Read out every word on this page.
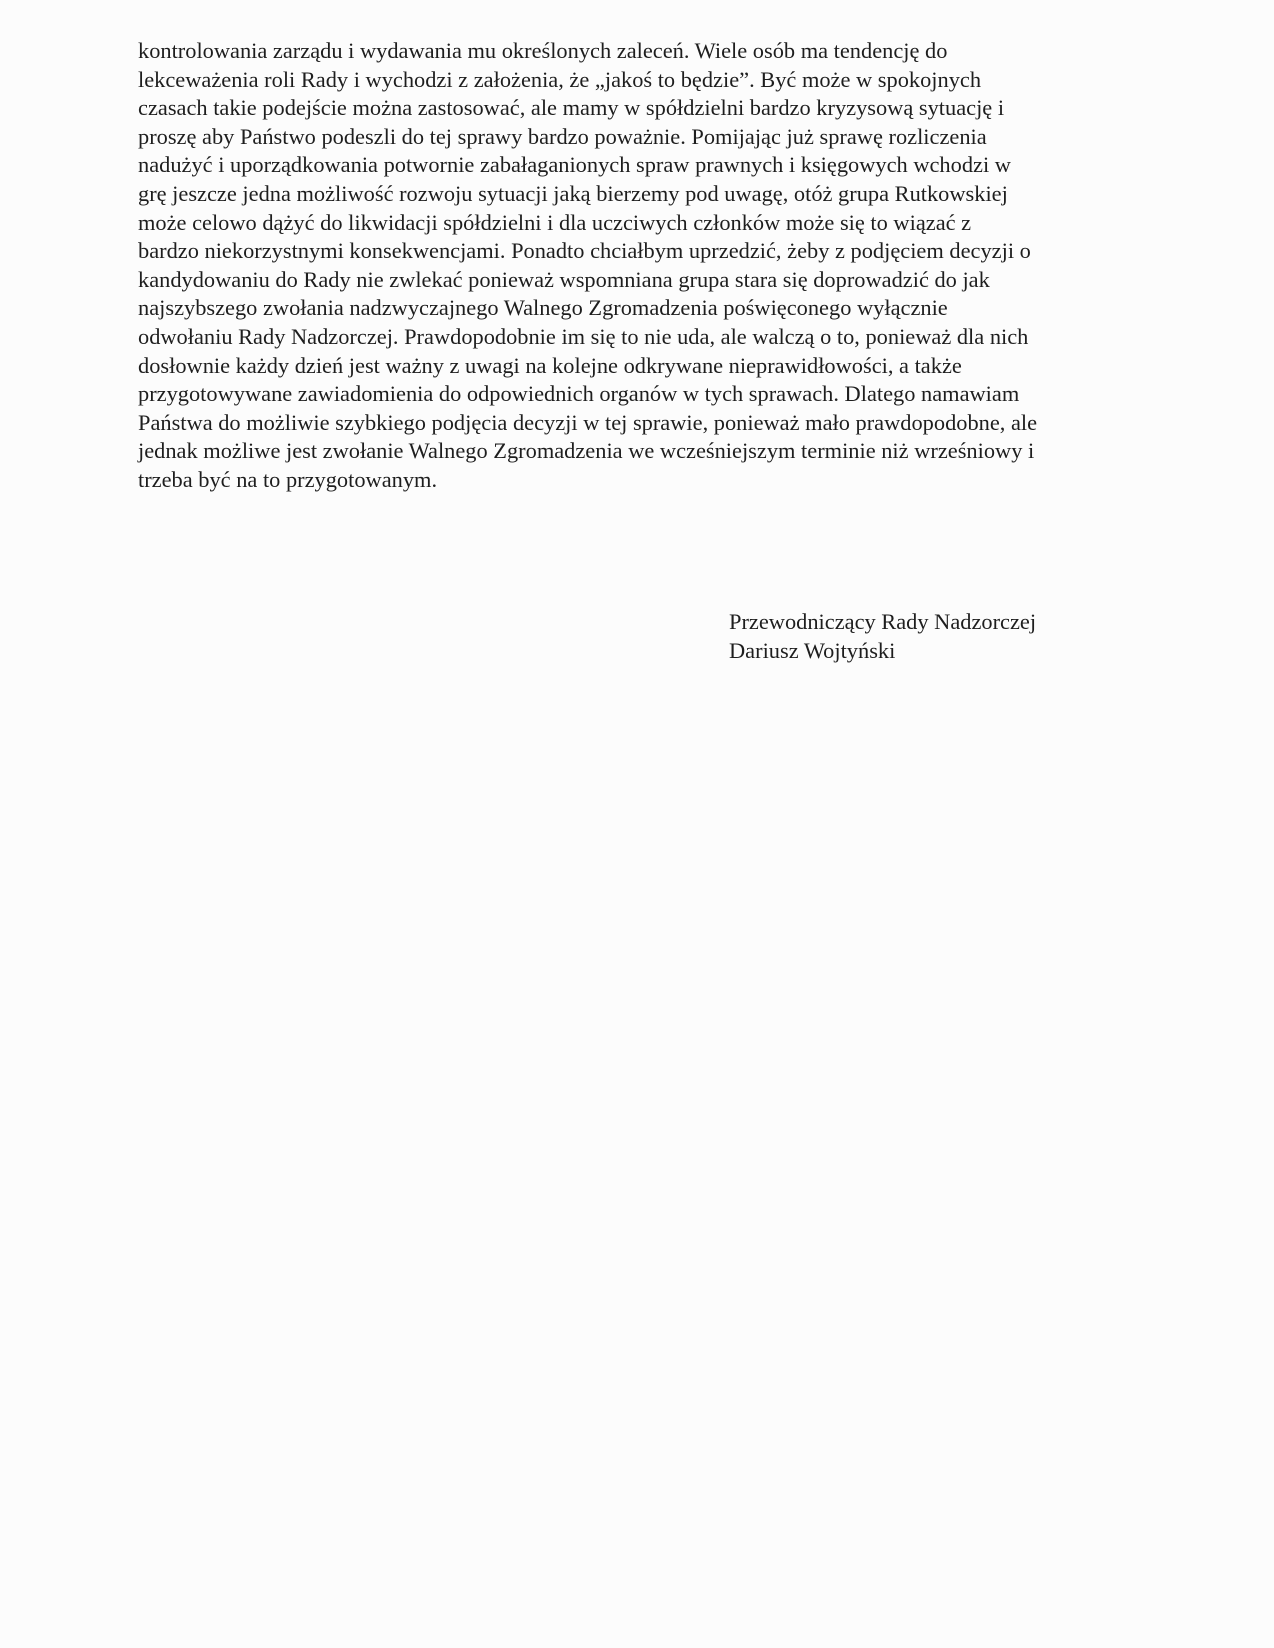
kontrolowania zarządu i wydawania mu określonych zaleceń. Wiele osób ma tendencję do
lekceważenia roli Rady i wychodzi z założenia, że „jakoś to będzie”. Być może w spokojnych
czasach takie podejście można zastosować, ale mamy w spółdzielni bardzo kryzysową sytuację i
proszę aby Państwo podeszli do tej sprawy bardzo poważnie. Pomijając już sprawę rozliczenia
nadużyć i uporządkowania potwornie zabałaganionych spraw prawnych i księgowych wchodzi w
grę jeszcze jedna możliwość rozwoju sytuacji jaką bierzemy pod uwagę, otóż grupa Rutkowskiej
może celowo dążyć do likwidacji spółdzielni i dla uczciwych członków może się to wiązać z
bardzo niekorzystnymi konsekwencjami. Ponadto chciałbym uprzedzić, żeby z podjęciem decyzji o
kandydowaniu do Rady nie zwlekać ponieważ wspomniana grupa stara się doprowadzić do jak
najszybszego zwołania nadzwyczajnego Walnego Zgromadzenia poświęconego wyłącznie
odwołaniu Rady Nadzorczej. Prawdopodobnie im się to nie uda, ale walczą o to, ponieważ dla nich
dosłownie każdy dzień jest ważny z uwagi na kolejne odkrywane nieprawidłowości, a także
przygotowywane zawiadomienia do odpowiednich organów w tych sprawach. Dlatego namawiam
Państwa do możliwie szybkiego podjęcia decyzji w tej sprawie, ponieważ mało prawdopodobne, ale
jednak możliwe jest zwołanie Walnego Zgromadzenia we wcześniejszym terminie niż wrześniowy i
trzeba być na to przygotowanym.

Przewodniczący Rady Nadzorczej
Dariusz Wojtyński
